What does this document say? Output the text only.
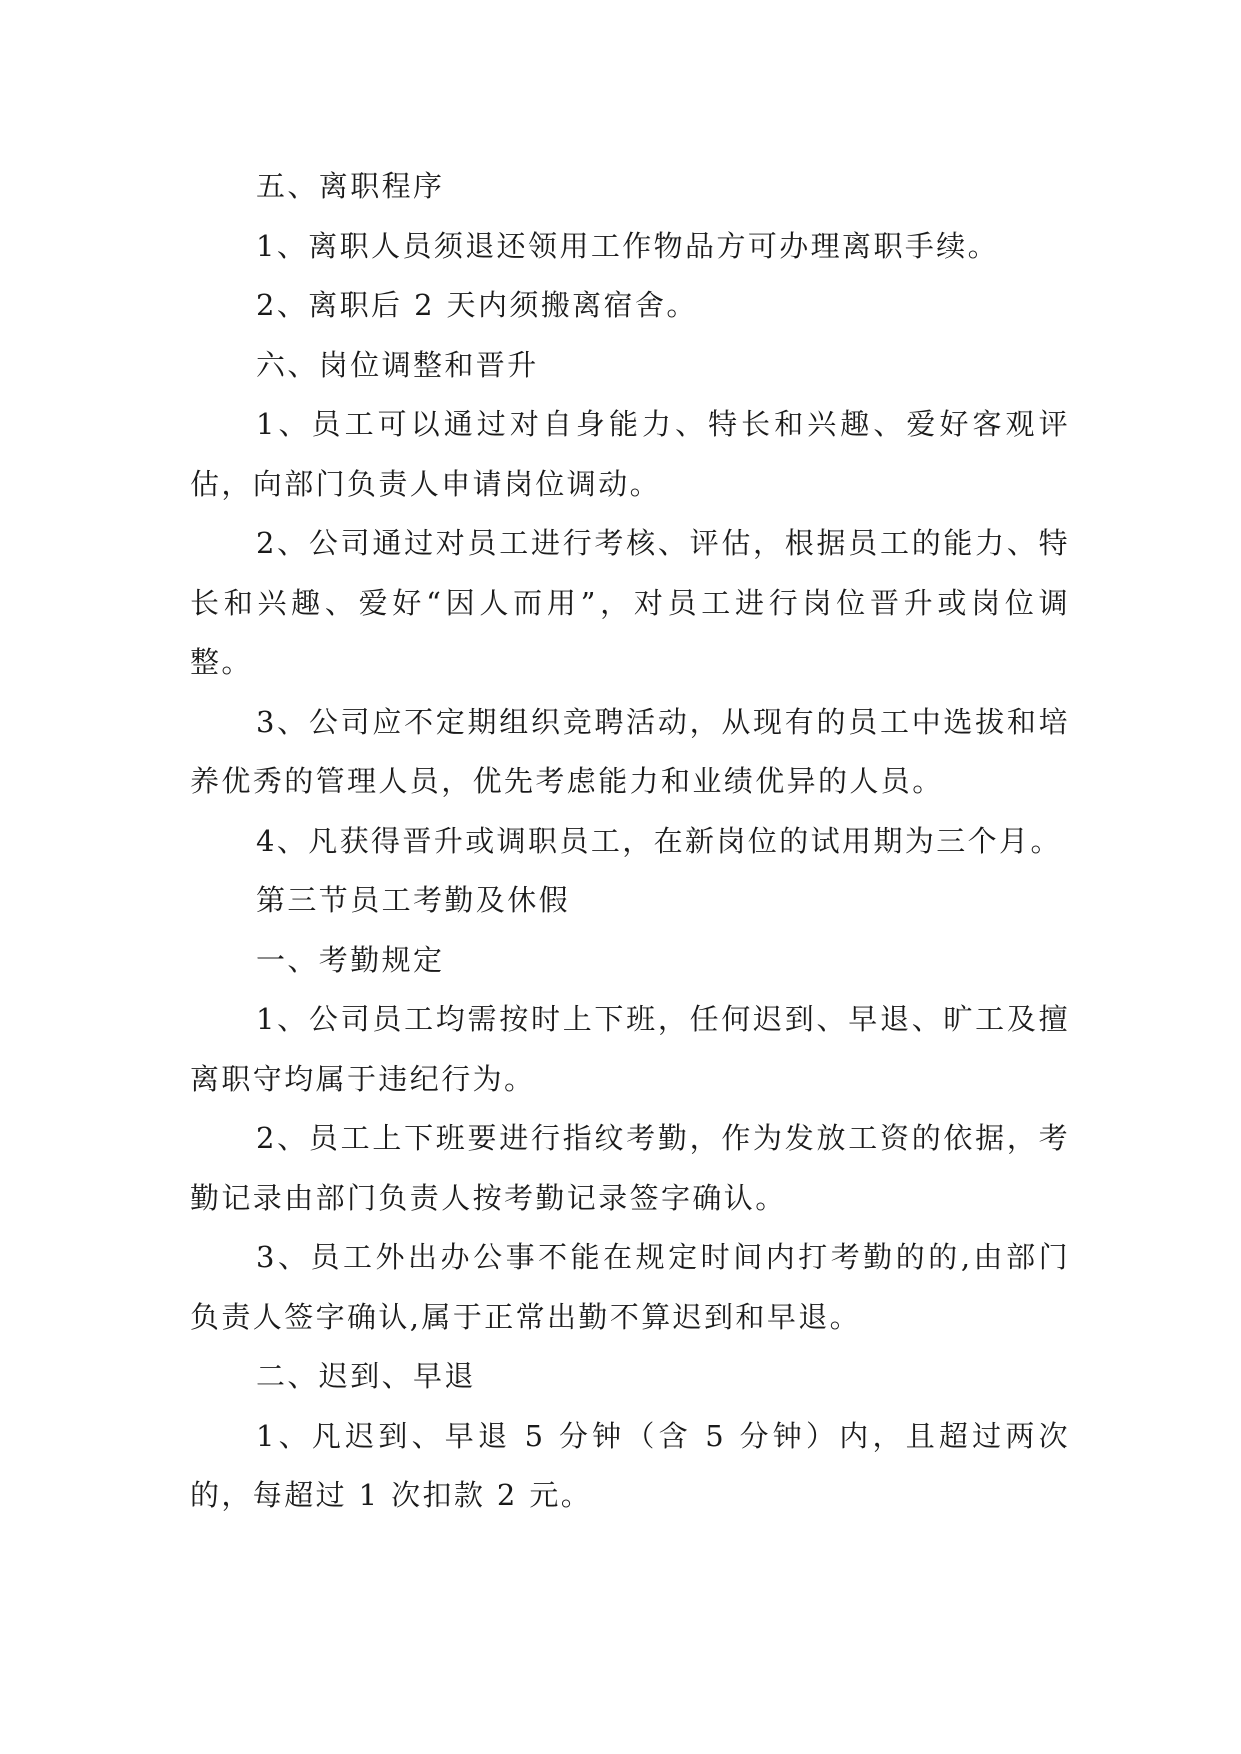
五、离职程序

1、离职人员须退还领用工作物品方可办理离职手续。

2、离职后 2 天内须搬离宿舍。

六、岗位调整和晋升

1、员工可以通过对自身能力、特长和兴趣、爱好客观评估，向部门负责人申请岗位调动。

2、公司通过对员工进行考核、评估，根据员工的能力、特长和兴趣、爱好“因人而用”，对员工进行岗位晋升或岗位调整。

3、公司应不定期组织竞聘活动，从现有的员工中选拔和培养优秀的管理人员，优先考虑能力和业绩优异的人员。

4、凡获得晋升或调职员工，在新岗位的试用期为三个月。

第三节员工考勤及休假

一、考勤规定

1、公司员工均需按时上下班，任何迟到、早退、旷工及擅离职守均属于违纪行为。

2、员工上下班要进行指纹考勤，作为发放工资的依据，考勤记录由部门负责人按考勤记录签字确认。

3、员工外出办公事不能在规定时间内打考勤的的,由部门负责人签字确认,属于正常出勤不算迟到和早退。

二、迟到、早退

1、凡迟到、早退 5 分钟（含 5 分钟）内，且超过两次的，每超过 1 次扣款 2 元。
